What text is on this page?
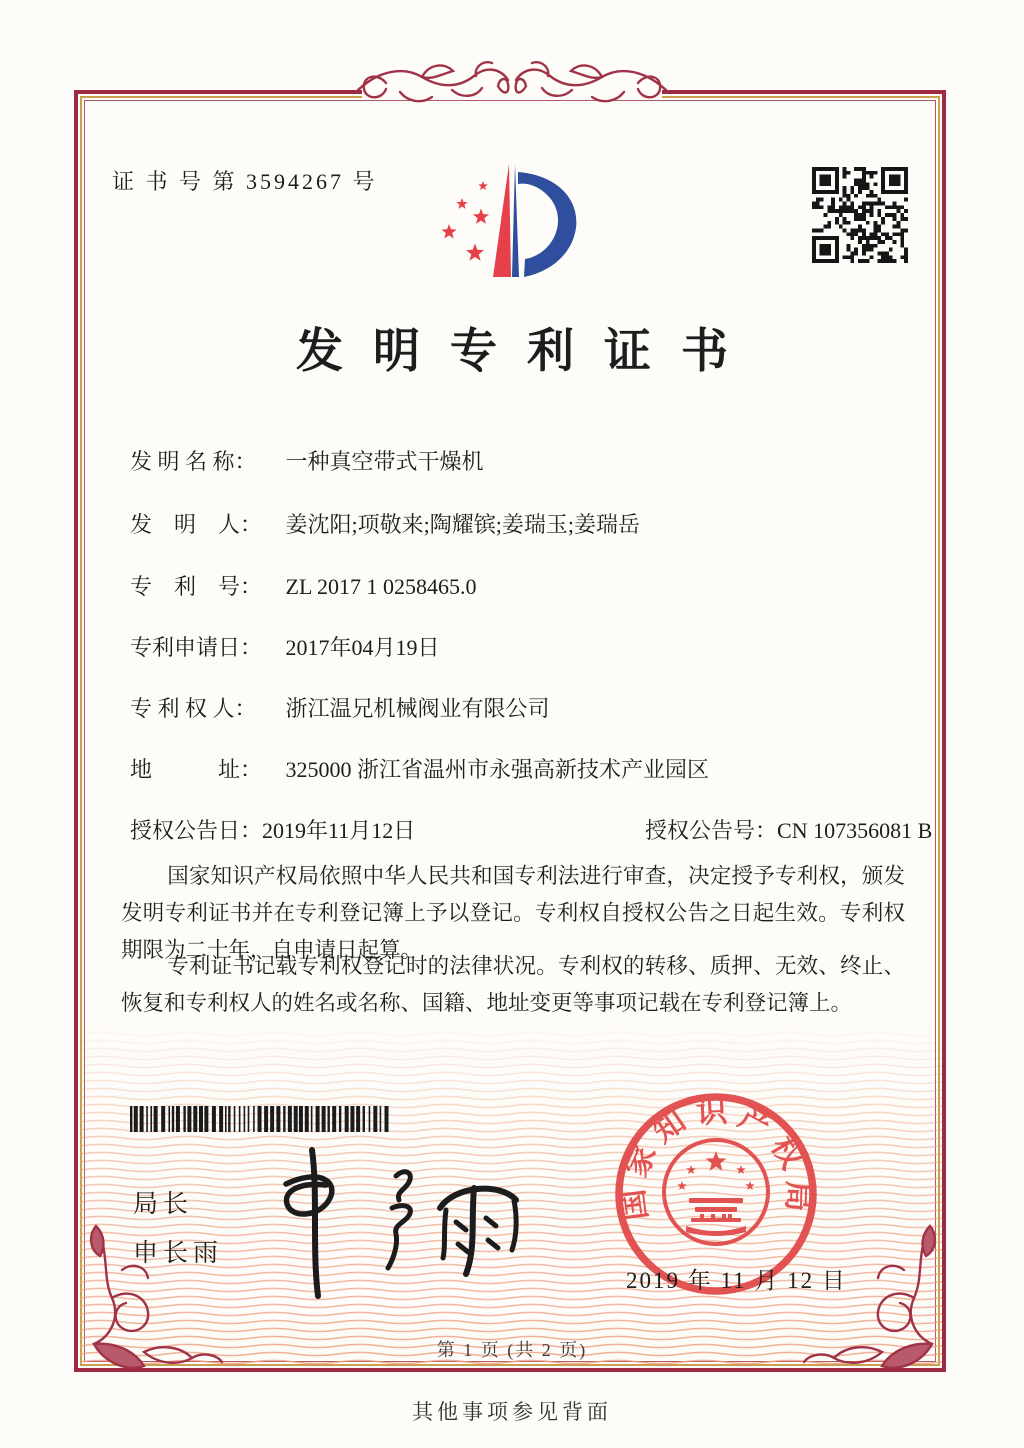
证 书 号 第 3594267 号
发明专利证书
发 明 名 称： 一种真空带式干燥机
发　明　人： 姜沈阳;项敬来;陶耀镔;姜瑞玉;姜瑞岳
专　利　号： ZL 2017 1 0258465.0
专利申请日： 2017年04月19日
专 利 权 人： 浙江温兄机械阀业有限公司
地　　　址： 325000 浙江省温州市永强高新技术产业园区
授权公告日：2019年11月12日	授权公告号：CN 107356081 B

国家知识产权局依照中华人民共和国专利法进行审查，决定授予专利权，颁发发明专利证书并在专利登记簿上予以登记。专利权自授权公告之日起生效。专利权期限为二十年，自申请日起算。

专利证书记载专利权登记时的法律状况。专利权的转移、质押、无效、终止、恢复和专利权人的姓名或名称、国籍、地址变更等事项记载在专利登记簿上。

局长
申长雨
国家知识产权局
2019 年 11 月 12 日
第 1 页 (共 2 页)
其他事项参见背面
